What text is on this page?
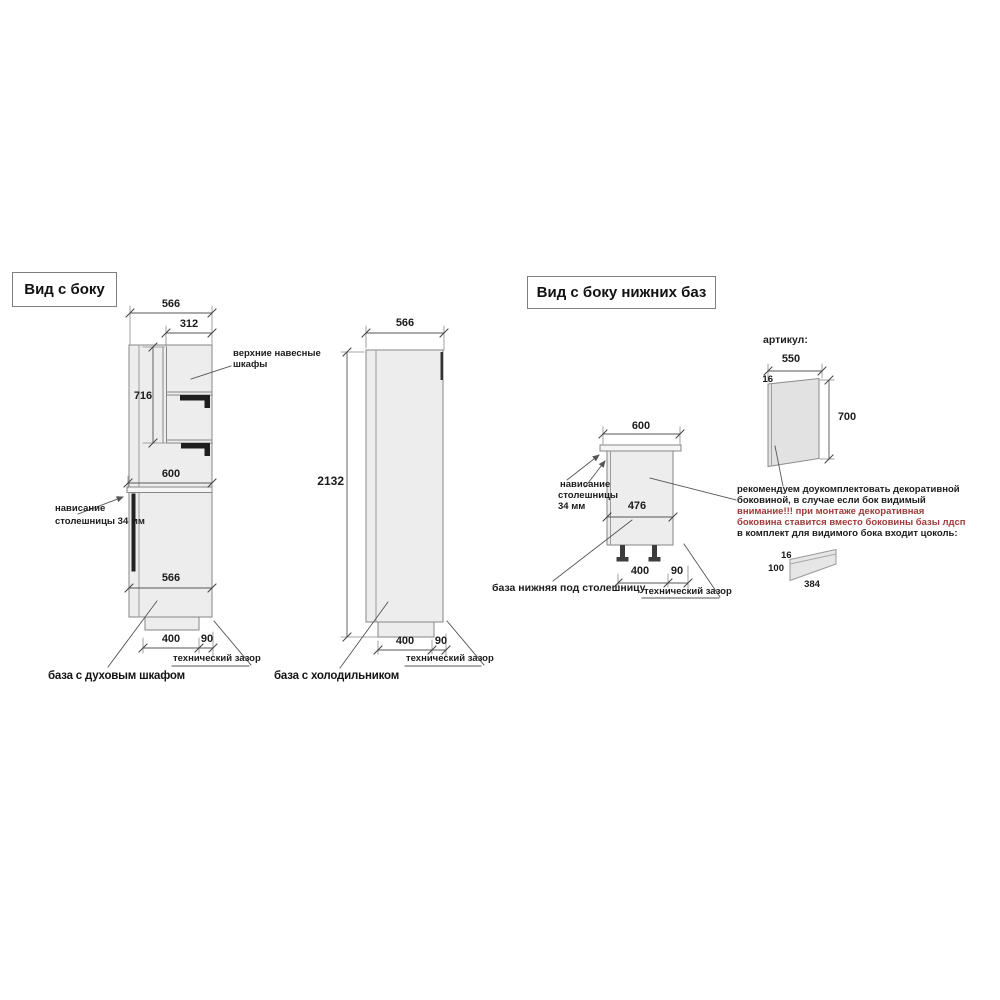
Вид с боку	Вид с боку нижних баз
566
312
716
600
566
400	90
верхние навесные шкафы
нависание
столешницы 34 мм
технический зазор
база с духовым шкафом
566
2132
400	90
технический зазор
база с холодильником
600
476
400	90
нависание
столешницы
34 мм
база нижняя под столешницу
технический зазор
артикул:
550
16
700
рекомендуем доукомплектовать декоративной
боковиной, в случае если бок видимый
внимание!!! при монтаже декоративная
боковина ставится вместо боковины базы лдсп
в комплект для видимого бока входит цоколь:
16
100
384
